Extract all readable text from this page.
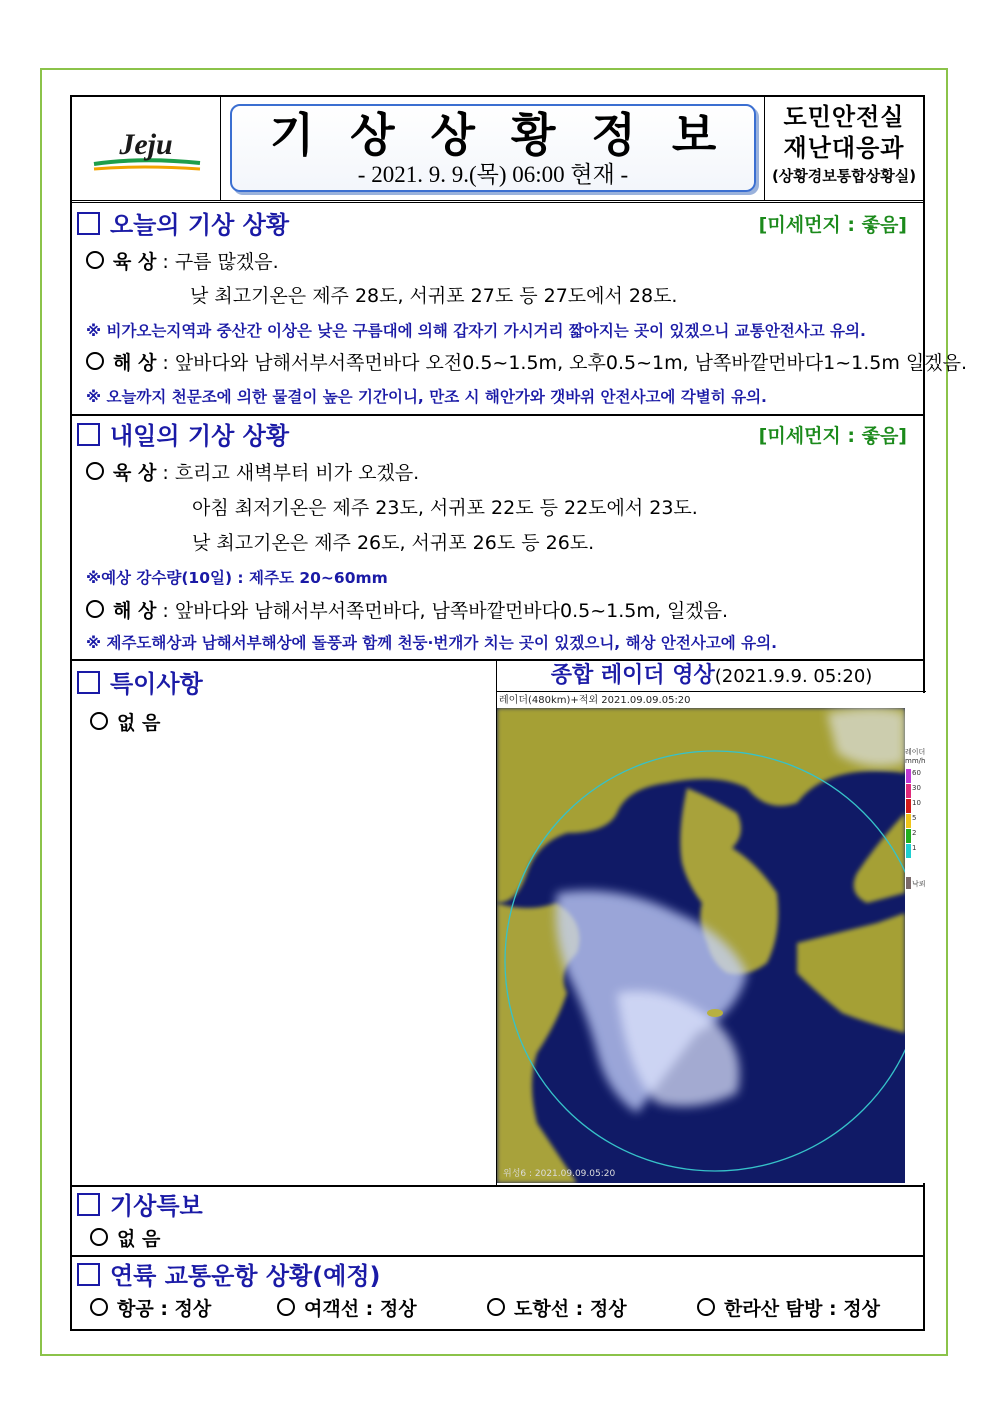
Jeju	기상상황정보
- 2021. 9. 9.(목) 06:00 현재 -
도민안전실
재난대응과
(상황경보통합상황실)
오늘의 기상 상황	[미세먼지 : 좋음]
육 상 : 구름 많겠음.
낮 최고기온은 제주 28도, 서귀포 27도 등 27도에서 28도.
※ 비가오는지역과 중산간 이상은 낮은 구름대에 의해 갑자기 가시거리 짧아지는 곳이 있겠으니 교통안전사고 유의.
해 상 : 앞바다와 남해서부서쪽먼바다 오전0.5~1.5m, 오후0.5~1m, 남쪽바깥먼바다1~1.5m 일겠음.
※ 오늘까지 천문조에 의한 물결이 높은 기간이니, 만조 시 해안가와 갯바위 안전사고에 각별히 유의.
내일의 기상 상황	[미세먼지 : 좋음]
육 상 : 흐리고 새벽부터 비가 오겠음.
아침 최저기온은 제주 23도, 서귀포 22도 등 22도에서 23도.
낮 최고기온은 제주 26도, 서귀포 26도 등 26도.
※예상 강수량(10일) : 제주도 20~60mm
해 상 : 앞바다와 남해서부서쪽먼바다, 남쪽바깥먼바다0.5~1.5m, 일겠음.
※ 제주도해상과 남해서부해상에 돌풍과 함께 천둥·번개가 치는 곳이 있겠으니, 해상 안전사고에 유의.
특이사항
없 음
종합 레이더 영상(2021.9.9. 05:20)
레이더(480km)+적외 2021.09.09.05:20
위성6 : 2021.09.09.05:20
레이더
mm/h
60
30
10
5
2
1
낙뢰
기상특보
없 음
연륙 교통운항 상황(예정)
항공 : 정상	여객선 : 정상	도항선 : 정상	한라산 탐방 : 정상
